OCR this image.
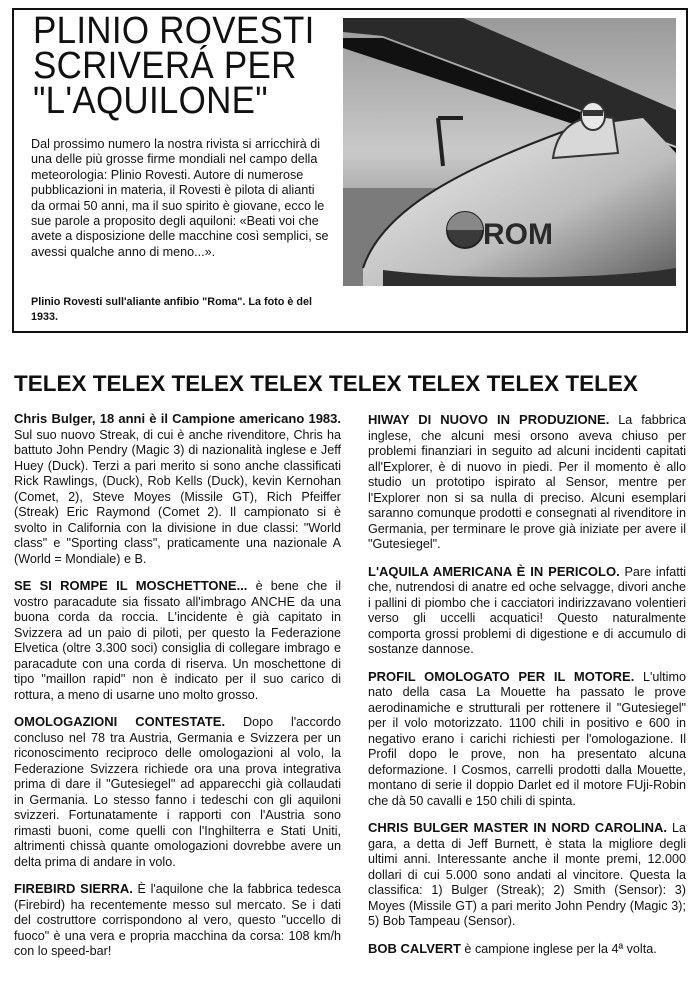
PLINIO ROVESTI
SCRIVERÁ PER
"L'AQUILONE"
Dal prossimo numero la nostra rivista si arricchirà di una delle più grosse firme mondiali nel campo della meteorologia: Plinio Rovesti. Autore di numerose pubblicazioni in materia, il Rovesti è pilota di alianti da ormai 50 anni, ma il suo spirito è giovane, ecco le sue parole a proposito degli aquiloni: «Beati voi che avete a disposizione delle macchine così semplici, se avessi qualche anno di meno...».
Plinio Rovesti sull'aliante anfibio "Roma". La foto è del 1933.
ROM
TELEX TELEX TELEX TELEX TELEX TELEX TELEX TELEX

Chris Bulger, 18 anni è il Campione americano 1983. Sul suo nuovo Streak, di cui è anche rivenditore, Chris ha battuto John Pendry (Magic 3) di nazionalità inglese e Jeff Huey (Duck). Terzi a pari merito si sono anche classificati Rick Rawlings, (Duck), Rob Kells (Duck), kevin Kernohan (Comet, 2), Steve Moyes (Missile GT), Rich Pfeiffer (Streak) Eric Raymond (Comet 2). Il campionato si è svolto in California con la divisione in due classi: "World class" e "Sporting class", praticamente una nazionale A (World = Mondiale) e B.

SE SI ROMPE IL MOSCHETTONE... è bene che il vostro paracadute sia fissato all'imbrago ANCHE da una buona corda da roccia. L'incidente è già capitato in Svizzera ad un paio di piloti, per questo la Federazione Elvetica (oltre 3.300 soci) consiglia di collegare imbrago e paracadute con una corda di riserva. Un moschettone di tipo "maillon rapid" non è indicato per il suo carico di rottura, a meno di usarne uno molto grosso.

OMOLOGAZIONI CONTESTATE. Dopo l'accordo concluso nel 78 tra Austria, Germania e Svizzera per un riconoscimento reciproco delle omologazioni al volo, la Federazione Svizzera richiede ora una prova integrativa prima di dare il "Gutesiegel" ad apparecchi già collaudati in Germania. Lo stesso fanno i tedeschi con gli aquiloni svizzeri. Fortunatamente i rapporti con l'Austria sono rimasti buoni, come quelli con l'Inghilterra e Stati Uniti, altrimenti chissà quante omologazioni dovrebbe avere un delta prima di andare in volo.

FIREBIRD SIERRA. È l'aquilone che la fabbrica tedesca (Firebird) ha recentemente messo sul mercato. Se i dati del costruttore corrispondono al vero, questo "uccello di fuoco" è una vera e propria macchina da corsa: 108 km/h con lo speed-bar!

HIWAY DI NUOVO IN PRODUZIONE. La fabbrica inglese, che alcuni mesi orsono aveva chiuso per problemi finanziari in seguito ad alcuni incidenti capitati all'Explorer, è di nuovo in piedi. Per il momento è allo studio un prototipo ispirato al Sensor, mentre per l'Explorer non si sa nulla di preciso. Alcuni esemplari saranno comunque prodotti e consegnati al rivenditore in Germania, per terminare le prove già iniziate per avere il "Gutesiegel".

L'AQUILA AMERICANA È IN PERICOLO. Pare infatti che, nutrendosi di anatre ed oche selvagge, divori anche i pallini di piombo che i cacciatori indirizzavano volentieri verso gli uccelli acquatici! Questo naturalmente comporta grossi problemi di digestione e di accumulo di sostanze dannose.

PROFIL OMOLOGATO PER IL MOTORE. L'ultimo nato della casa La Mouette ha passato le prove aerodinamiche e strutturali per rottenere il "Gutesiegel" per il volo motorizzato. 1100 chili in positivo e 600 in negativo erano i carichi richiesti per l'omologazione. Il Profil dopo le prove, non ha presentato alcuna deformazione. I Cosmos, carrelli prodotti dalla Mouette, montano di serie il doppio Darlet ed il motore FUji-Robin che dà 50 cavalli e 150 chili di spinta.

CHRIS BULGER MASTER IN NORD CAROLINA. La gara, a detta di Jeff Burnett, è stata la migliore degli ultimi anni. Interessante anche il monte premi, 12.000 dollari di cui 5.000 sono andati al vincitore. Questa la classifica: 1) Bulger (Streak); 2) Smith (Sensor): 3) Moyes (Missile GT) a pari merito John Pendry (Magic 3); 5) Bob Tampeau (Sensor).

BOB CALVERT è campione inglese per la 4ª volta.
